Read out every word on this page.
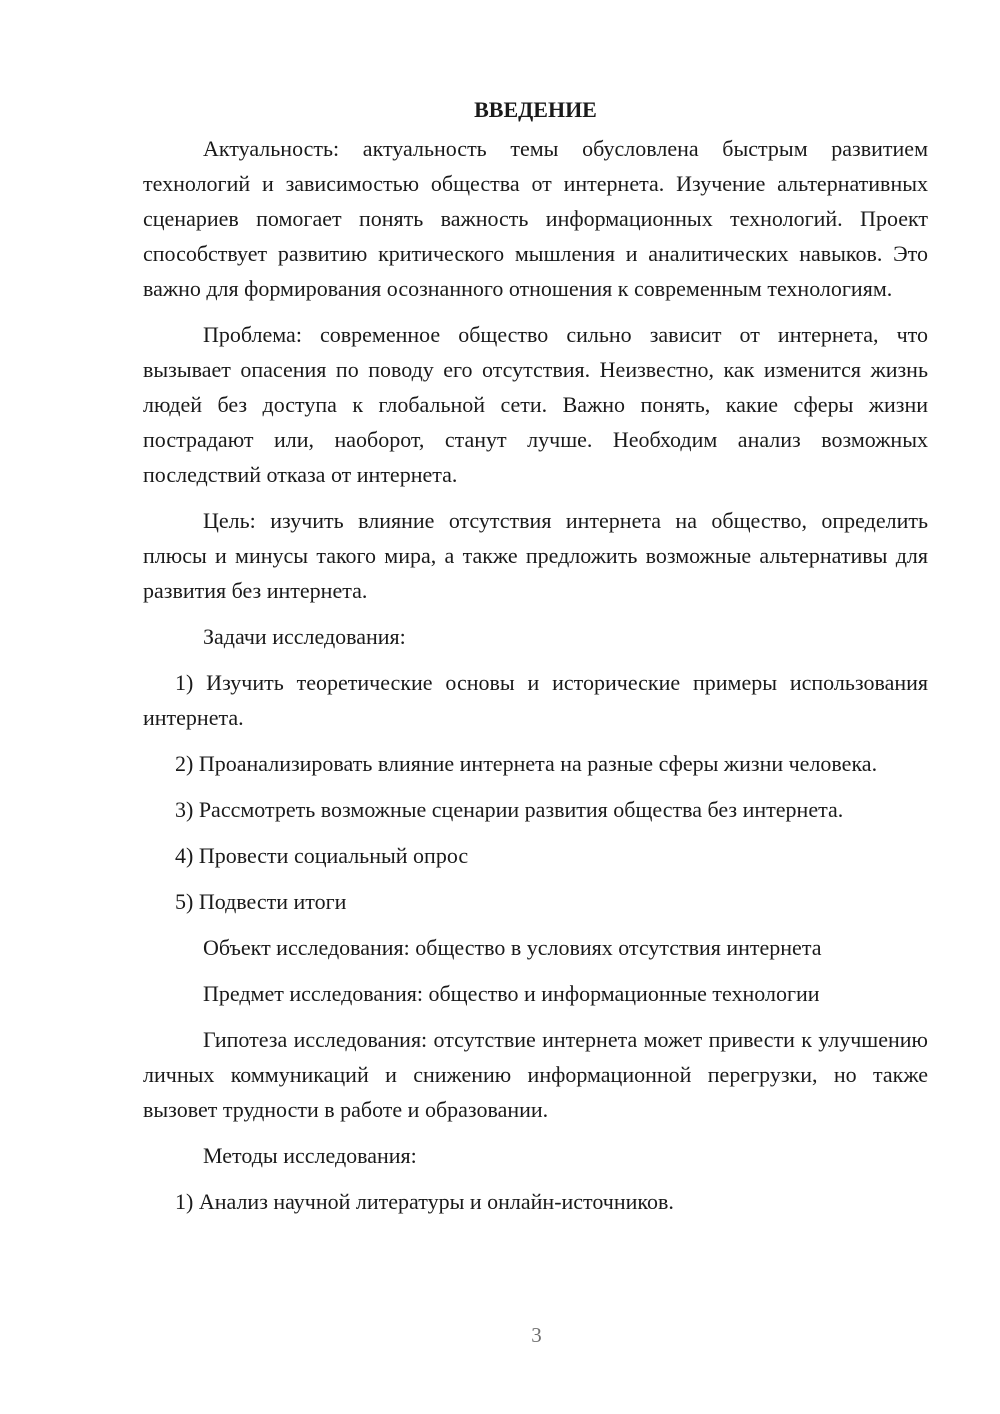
ВВЕДЕНИЕ

Актуальность: актуальность темы обусловлена быстрым развитием технологий и зависимостью общества от интернета. Изучение альтернативных сценариев помогает понять важность информационных технологий. Проект способствует развитию критического мышления и аналитических навыков. Это важно для формирования осознанного отношения к современным технологиям.

Проблема: современное общество сильно зависит от интернета, что вызывает опасения по поводу его отсутствия. Неизвестно, как изменится жизнь людей без доступа к глобальной сети. Важно понять, какие сферы жизни пострадают или, наоборот, станут лучше. Необходим анализ возможных последствий отказа от интернета.

Цель: изучить влияние отсутствия интернета на общество, определить плюсы и минусы такого мира, а также предложить возможные альтернативы для развития без интернета.

Задачи исследования:

1) Изучить теоретические основы и исторические примеры использования интернета.

2) Проанализировать влияние интернета на разные сферы жизни человека.

3) Рассмотреть возможные сценарии развития общества без интернета.

4) Провести социальный опрос

5) Подвести итоги

Объект исследования: общество в условиях отсутствия интернета

Предмет исследования: общество и информационные технологии

Гипотеза исследования: отсутствие интернета может привести к улучшению личных коммуникаций и снижению информационной перегрузки, но также вызовет трудности в работе и образовании.

Методы исследования:

1) Анализ научной литературы и онлайн-источников.

3
